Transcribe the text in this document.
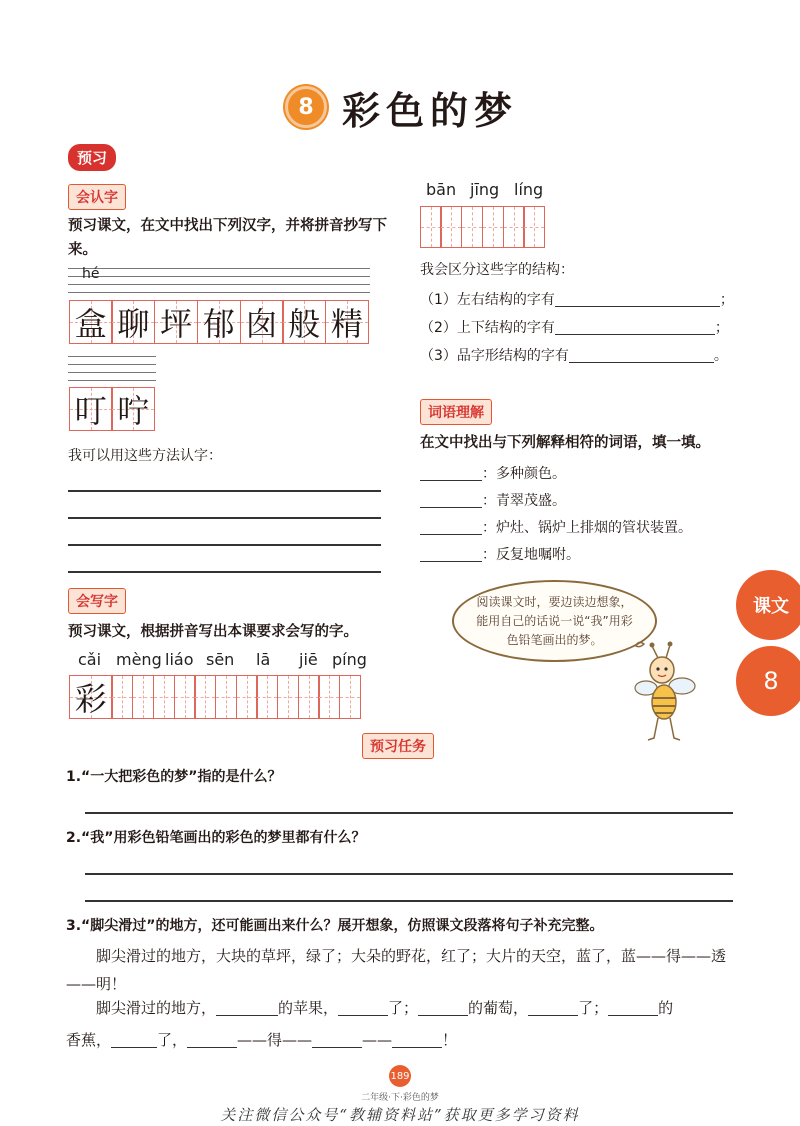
8 彩色的梦
预习
会认字
预习课文，在文中找出下列汉字，并将拼音抄写下来。
hé
盒 聊 坪 郁 囱 般 精
叮 咛
我可以用这些方法认字：
会写字
预习课文，根据拼音写出本课要求会写的字。
cǎi mèng liáo sēn lā jiē píng
彩
bān jīng líng
我会区分这些字的结构：
（1）左右结构的字有	；
（2）上下结构的字有	；
（3）品字形结构的字有	。
词语理解
在文中找出与下列解释相符的词语，填一填。
：多种颜色。
：青翠茂盛。
：炉灶、锅炉上排烟的管状装置。
：反复地嘱咐。
阅读课文时，要边读边想象，能用自己的话说一说“我”用彩色铅笔画出的梦。
课文
8
预习任务
1.“一大把彩色的梦”指的是什么？
2.“我”用彩色铅笔画出的彩色的梦里都有什么？
3.“脚尖滑过”的地方，还可能画出来什么？展开想象，仿照课文段落将句子补充完整。
脚尖滑过的地方，大块的草坪，绿了；大朵的野花，红了；大片的天空，蓝了，蓝——得——透——明！
脚尖滑过的地方，	的苹果，	了；	的葡萄，	了；	的
香蕉，	了，	——得——	——	！
189
二年级·下·彩色的梦
关注微信公众号“教辅资料站”获取更多学习资料
